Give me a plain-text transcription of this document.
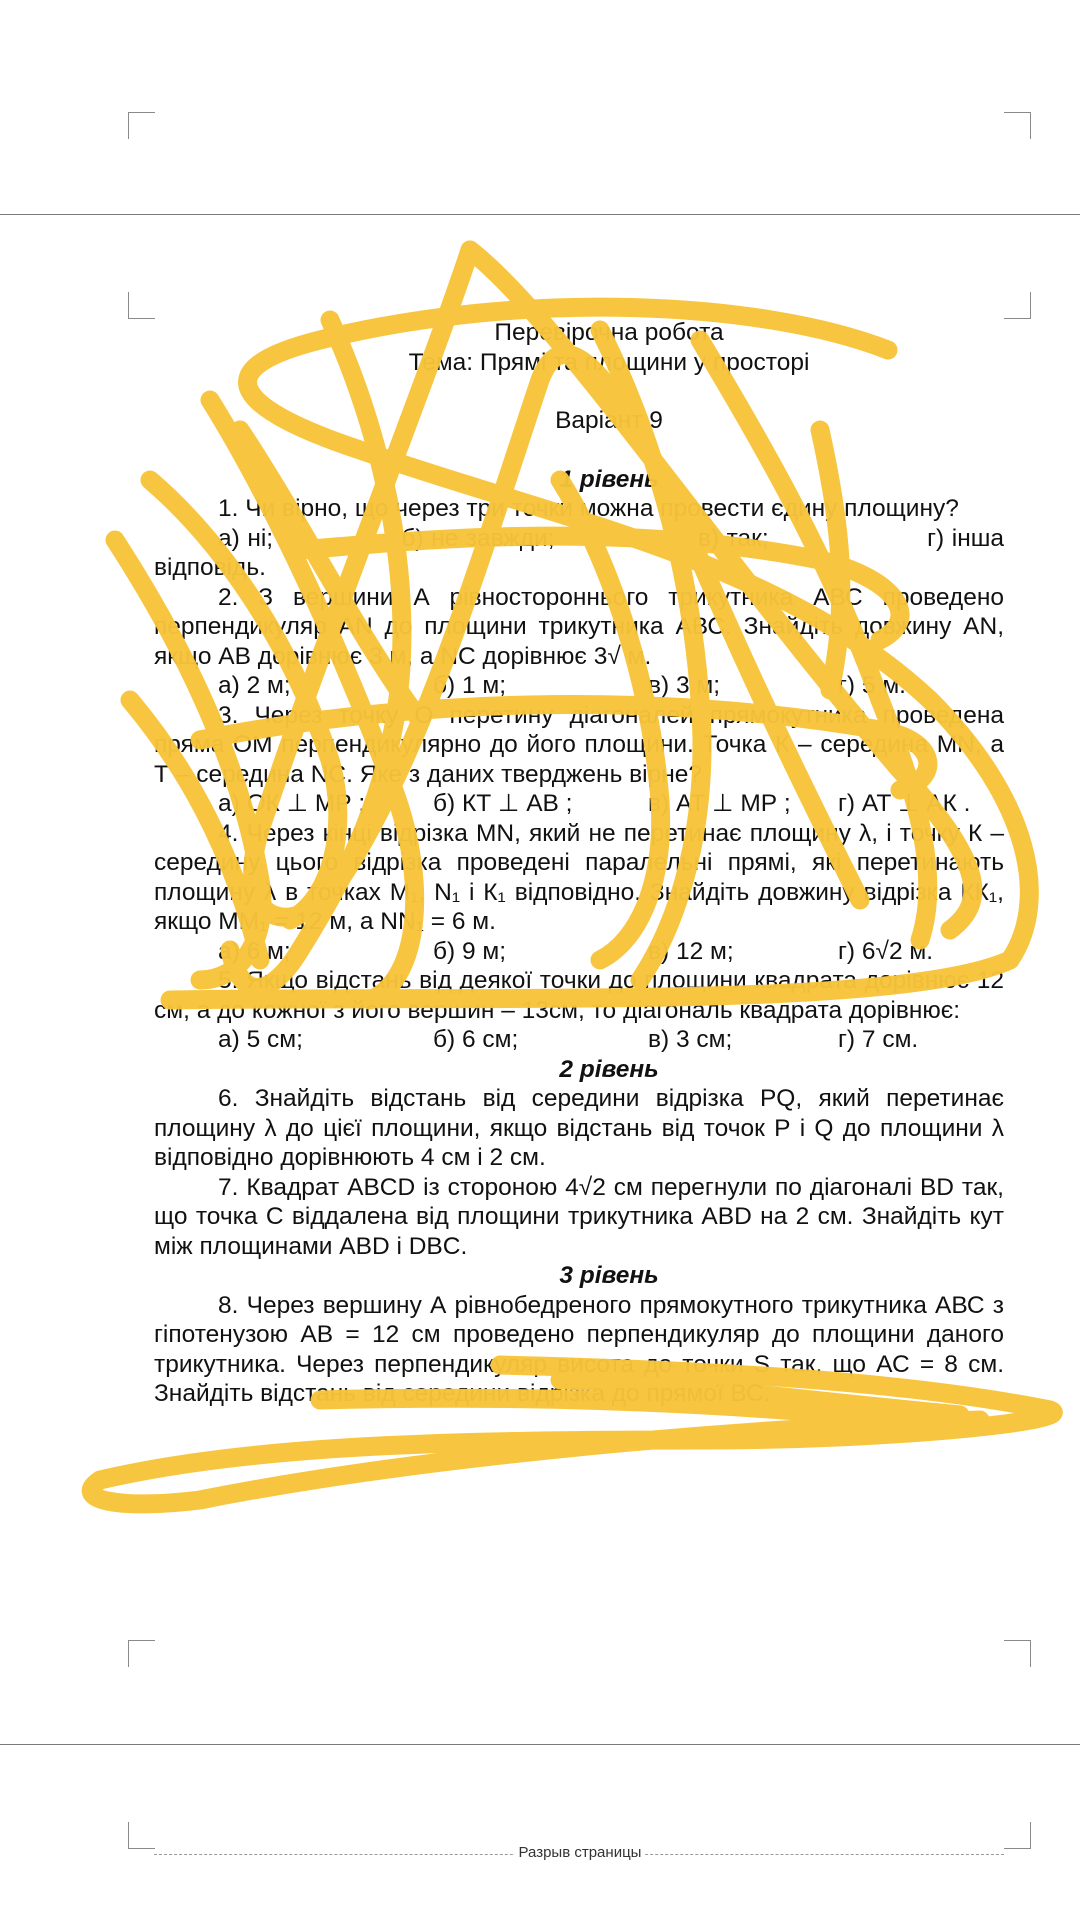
Перевірочна робота
Тема: Прямі та площини у просторі
Варіант 9
1 рівень
1. Чи вірно, що через три точки можна провести єдину площину?
а) ні;	б) не завжди;	в) так;	г) інша відповідь.
2. З вершини А рівностороннього трикутника АВС проведено перпендикуляр AN до площини трикутника АВС. Знайдіть довжину AN, якщо АВ дорівнює 3 м, а NC дорівнює 3√ м.
а) 2 м;	б) 1 м;	в) 3 м;	г) 5 м.
3. Через точку О перетину діагоналей прямокутника проведена пряма ОМ перпендикулярно до його площини. Точка К – середина MN, а Т – середина NC. Яке з даних тверджень вірне?
а) ОК ⊥ МР ;	б) КТ ⊥ АВ ;	в) АТ ⊥ МР ;	г) АТ ⊥ АК .
4. Через кінці відрізка MN, який не перетинає площину λ, і точку К – середину цього відрізка проведені паралельні прямі, які перетинають площину λ в точках М₁, N₁ і К₁ відповідно. Знайдіть довжину відрізка КК₁, якщо ММ₁ = 12 м, а NN₁ = 6 м.
а) 6 м;	б) 9 м;	в) 12 м;	г) 6√2 м.
5. Якщо відстань від деякої точки до площини квадрата дорівнює 12 см, а до кожної з його вершин – 13см, то діагональ квадрата дорівнює:
а) 5 см;	б) 6 см;	в) 3 см;	г) 7 см.
2 рівень
6. Знайдіть відстань від середини відрізка PQ, який перетинає площину λ до цієї площини, якщо відстань від точок Р і Q до площини λ відповідно дорівнюють 4 см і 2 см.
7. Квадрат ABCD із стороною 4√2 см перегнули по діагоналі BD так, що точка С віддалена від площини трикутника ABD на 2 см. Знайдіть кут між площинами ABD і DBC.
3 рівень
8. Через вершину А рівнобедреного прямокутного трикутника АВС з гіпотенузою АВ = 12 см проведено перпендикуляр до площини даного трикутника. Через перпендикуляр висота до точки S так, що АС = 8 см. Знайдіть відстань від середини відрізка до прямої ВС.
Разрыв страницы
